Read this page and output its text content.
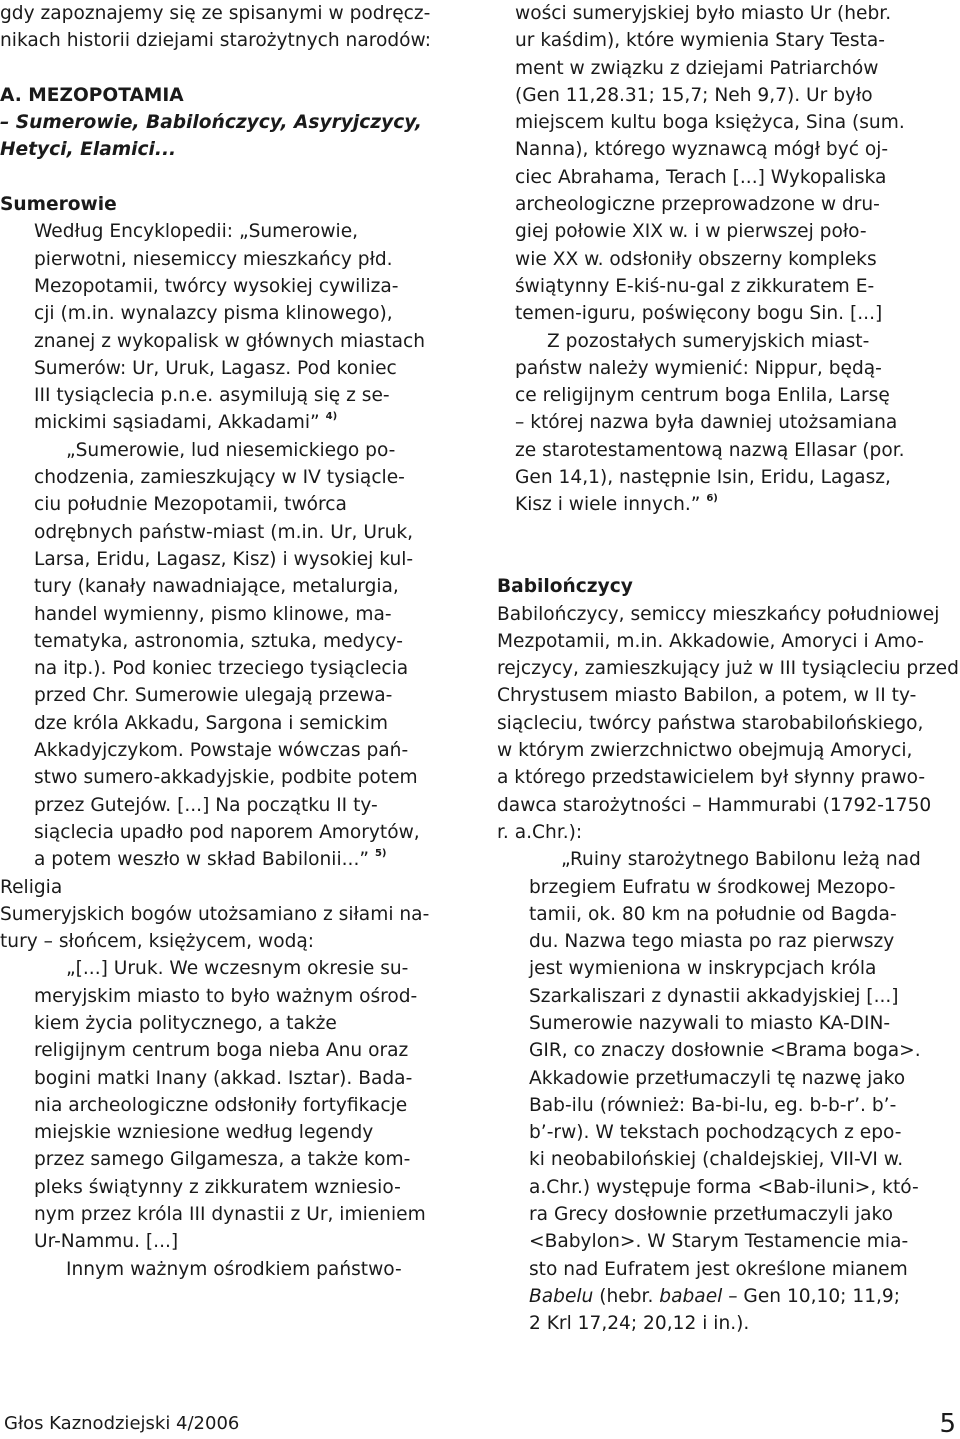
gdy zapoznajemy się ze spisanymi w podręcz-
nikach historii dziejami starożytnych narodów:
A. MEZOPOTAMIA
– Sumerowie, Babilończycy, Asyryjczycy,
Hetyci, Elamici...
Sumerowie
Według Encyklopedii: „Sumerowie,
pierwotni, niesemiccy mieszkańcy płd.
Mezopotamii, twórcy wysokiej cywiliza-
cji (m.in. wynalazcy pisma klinowego),
znanej z wykopalisk w głównych miastach
Sumerów: Ur, Uruk, Lagasz. Pod koniec
III tysiąclecia p.n.e. asymilują się z se-
mickimi sąsiadami, Akkadami” $^{4)}$
„Sumerowie, lud niesemickiego po-
chodzenia, zamieszkujący w IV tysiącle-
ciu południe Mezopotamii, twórca
odrębnych państw-miast (m.in. Ur, Uruk,
Larsa, Eridu, Lagasz, Kisz) i wysokiej kul-
tury (kanały nawadniające, metalurgia,
handel wymienny, pismo klinowe, ma-
tematyka, astronomia, sztuka, medycy-
na itp.). Pod koniec trzeciego tysiąclecia
przed Chr. Sumerowie ulegają przewa-
dze króla Akkadu, Sargona i semickim
Akkadyjczykom. Powstaje wówczas pań-
stwo sumero-akkadyjskie, podbite potem
przez Gutejów. [...] Na początku II ty-
siąclecia upadło pod naporem Amorytów,
a potem weszło w skład Babilonii...” $^{5)}$
Religia
Sumeryjskich bogów utożsamiano z siłami na-
tury – słońcem, księżycem, wodą:
„[...] Uruk. We wczesnym okresie su-
meryjskim miasto to było ważnym ośrod-
kiem życia politycznego, a także
religijnym centrum boga nieba Anu oraz
bogini matki Inany (akkad. Isztar). Bada-
nia archeologiczne odsłoniły fortyfikacje
miejskie wzniesione według legendy
przez samego Gilgamesza, a także kom-
pleks świątynny z zikkuratem wzniesio-
nym przez króla III dynastii z Ur, imieniem
Ur-Nammu. [...]
Innym ważnym ośrodkiem państwo-
wości sumeryjskiej było miasto Ur (hebr.
ur kaśdim), które wymienia Stary Testa-
ment w związku z dziejami Patriarchów
(Gen 11,28.31; 15,7; Neh 9,7). Ur było
miejscem kultu boga księżyca, Sina (sum.
Nanna), którego wyznawcą mógł być oj-
ciec Abrahama, Terach [...] Wykopaliska
archeologiczne przeprowadzone w dru-
giej połowie XIX w. i w pierwszej poło-
wie XX w. odsłoniły obszerny kompleks
świątynny E-kiś-nu-gal z zikkuratem E-
temen-iguru, poświęcony bogu Sin. [...]
Z pozostałych sumeryjskich miast-
państw należy wymienić: Nippur, będą-
ce religijnym centrum boga Enlila, Larsę
– której nazwa była dawniej utożsamiana
ze starotestamentową nazwą Ellasar (por.
Gen 14,1), następnie Isin, Eridu, Lagasz,
Kisz i wiele innych.” $^{6)}$
Babilończycy
Babilończycy, semiccy mieszkańcy południowej
Mezpotamii, m.in. Akkadowie, Amoryci i Amo-
rejczycy, zamieszkujący już w III tysiącleciu przed
Chrystusem miasto Babilon, a potem, w II ty-
siącleciu, twórcy państwa starobabilońskiego,
w którym zwierzchnictwo obejmują Amoryci,
a którego przedstawicielem był słynny prawo-
dawca starożytności – Hammurabi (1792-1750
r. a.Chr.):
„Ruiny starożytnego Babilonu leżą nad
brzegiem Eufratu w środkowej Mezopo-
tamii, ok. 80 km na południe od Bagda-
du. Nazwa tego miasta po raz pierwszy
jest wymieniona w inskrypcjach króla
Szarkaliszari z dynastii akkadyjskiej [...]
Sumerowie nazywali to miasto KA-DIN-
GIR, co znaczy dosłownie <Brama boga>.
Akkadowie przetłumaczyli tę nazwę jako
Bab-ilu (również: Ba-bi-lu, eg. b-b-r’. b’-
b’-rw). W tekstach pochodzących z epo-
ki neobabilońskiej (chaldejskiej, VII-VI w.
a.Chr.) występuje forma <Bab-iluni>, któ-
ra Grecy dosłownie przetłumaczyli jako
<Babylon>. W Starym Testamencie mia-
sto nad Eufratem jest określone mianem
Babelu (hebr. babael – Gen 10,10; 11,9;
2 Krl 17,24; 20,12 i in.).
Głos Kaznodziejski 4/2006	5
